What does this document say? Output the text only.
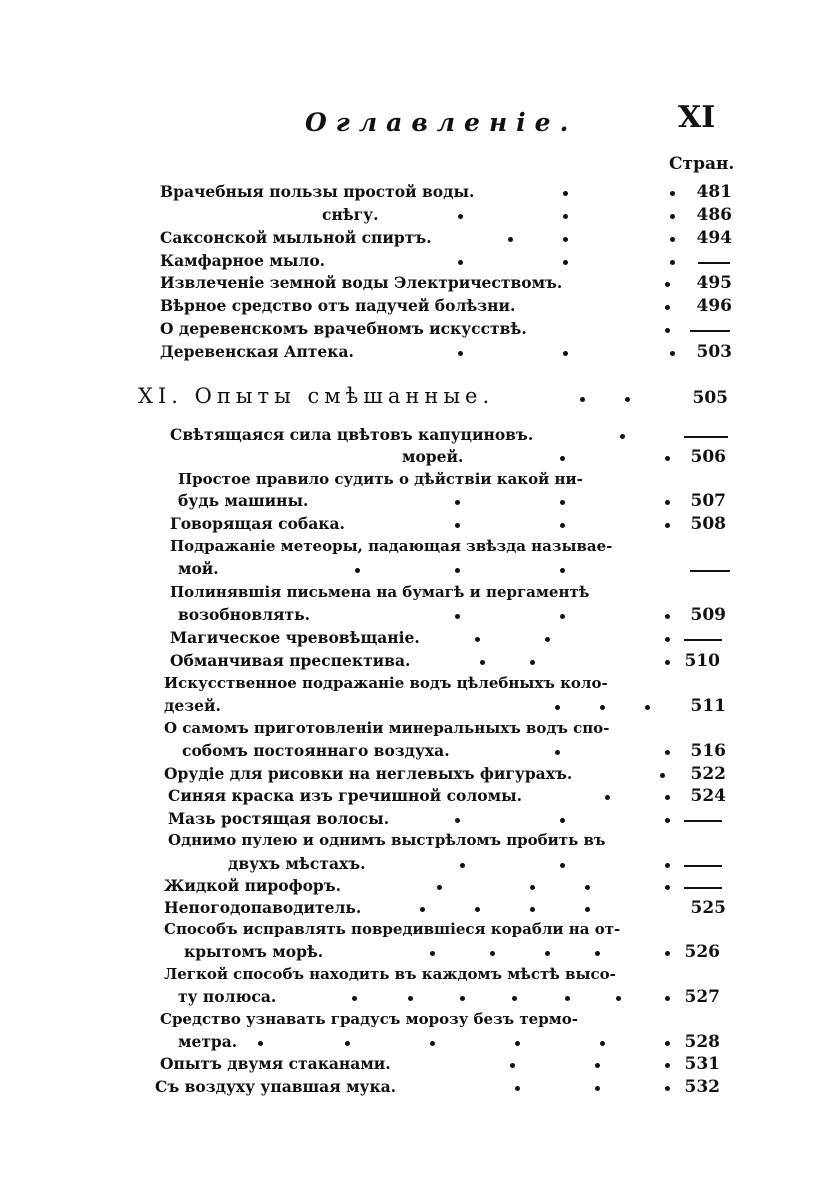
Оглавленіе.	XI
Стран.
Врачебныя пользы простой воды.	481
снѣгу.	486
Саксонской мыльной спиртъ.	494
Камфарное мыло.
Извлеченіе земной воды Электричествомъ.	495
Вѣрное средство отъ падучей болѣзни.	496
О деревенскомъ врачебномъ искусствѣ.
Деревенская Аптека.	503
XI. Опыты смѣшанные.	505
Свѣтящаяся сила цвѣтовъ капуциновъ.
морей.	506
Простое правило судить о дѣйствіи какой ни-
будь машины.	507
Говорящая собака.	508
Подражаніе метеоры, падающая звѣзда называе-
мой.
Полинявшія письмена на бумагѣ и пергаментѣ
возобновлять.	509
Магическое чревовѣщаніе.
Обманчивая преспектива.	510
Искусственное подражаніе водъ цѣлебныхъ коло-
дезей.	511
О самомъ приготовленіи минеральныхъ водъ спо-
собомъ постояннаго воздуха.	516
Орудіе для рисовки на неглевыхъ фигурахъ.	522
Синяя краска изъ гречишной соломы.	524
Мазь ростящая волосы.
Однимо пулею и однимъ выстрѣломъ пробить въ
двухъ мѣстахъ.
Жидкой пирофоръ.
Непогодопаводитель.	525
Способъ исправлять повредившіеся корабли на от-
крытомъ морѣ.	526
Легкой способъ находить въ каждомъ мѣстѣ высо-
ту полюса.	527
Средство узнавать градусъ морозу безъ термо-
метра.	528
Опытъ двумя стаканами.	531
Съ воздуху упавшая мука.	532
